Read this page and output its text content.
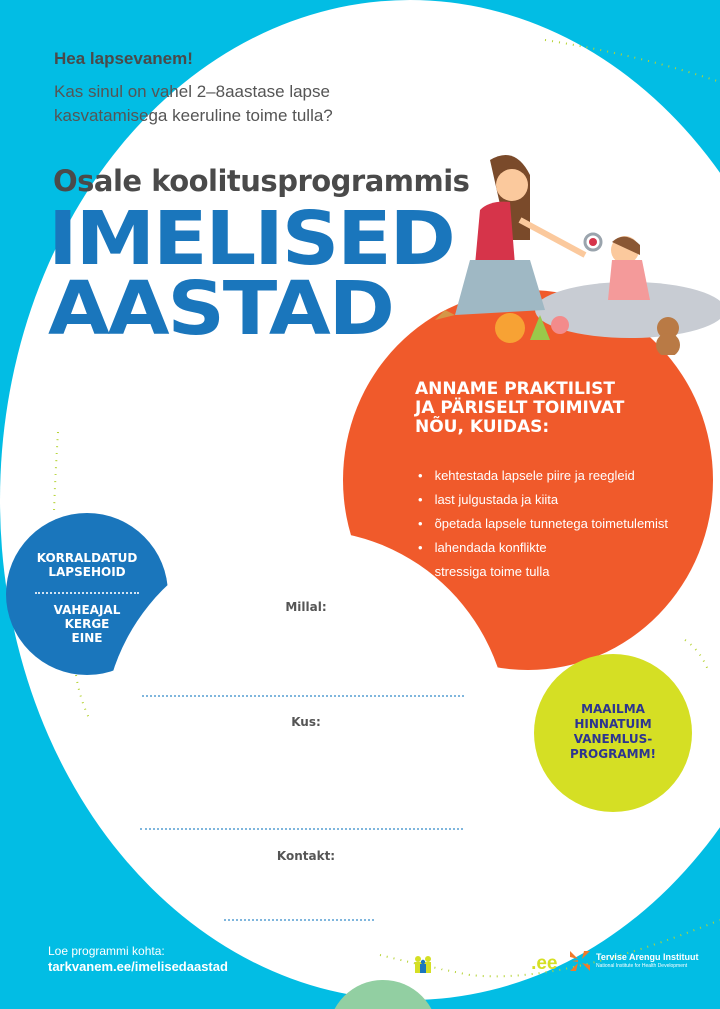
Hea lapsevanem!
Kas sinul on vahel 2–8aastase lapse kasvatamisega keeruline toime tulla?
Osale koolitusprogrammis
IMELISED
AASTAD
ANNAME PRAKTILIST
JA PÄRISELT TOIMIVAT
NÕU, KUIDAS:
• kehtestada lapsele piire ja reegleid
• last julgustada ja kiita
• õpetada lapsele tunnetega toimetulemist
• lahendada konflikte
• stressiga toime tulla
KORRALDATUD
LAPSEHOID
VAHEAJAL
KERGE
EINE
Millal:
Kus:
Kontakt:
MAAILMA
HINNATUIM
VANEMLUS-
PROGRAMM!
Loe programmi kohta:
tarkvanem.ee/imelisedaastad	tarkvanem.ee	Tervise Arengu Instituut
National Institute for Health Development
